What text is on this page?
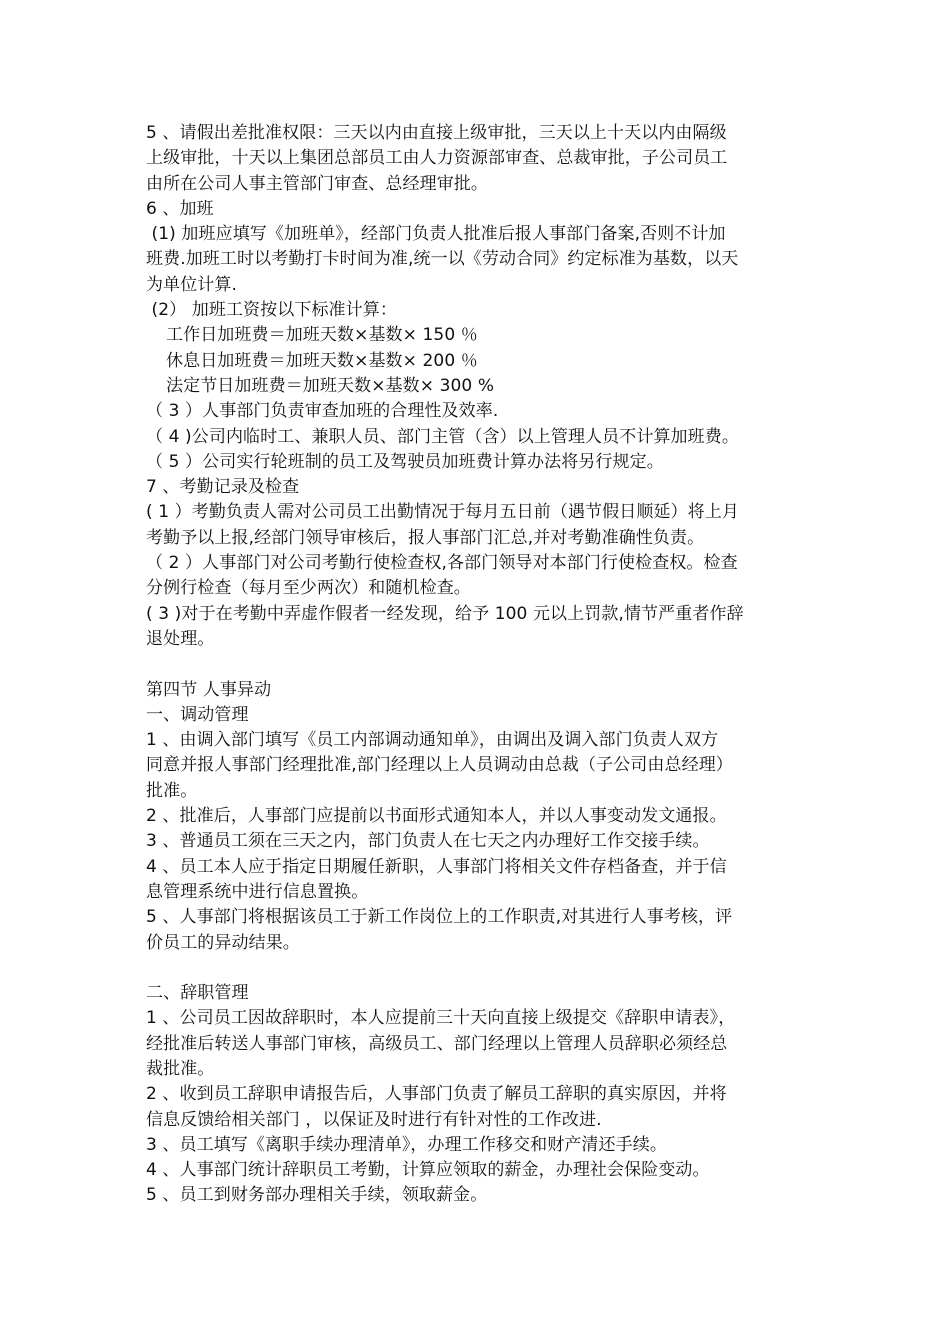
5 、请假出差批准权限：三天以内由直接上级审批，三天以上十天以内由隔级
上级审批，十天以上集团总部员工由人力资源部审查、总裁审批，子公司员工
由所在公司人事主管部门审查、总经理审批。
6 、加班
(1) 加班应填写《加班单》，经部门负责人批准后报人事部门备案,否则不计加
班费.加班工时以考勤打卡时间为准,统一以《劳动合同》约定标准为基数，以天
为单位计算.
(2） 加班工资按以下标准计算：
工作日加班费＝加班天数×基数× 150 ％
休息日加班费＝加班天数×基数× 200 ％
法定节日加班费＝加班天数×基数× 300 %
（ 3 ）人事部门负责审查加班的合理性及效率.
（ 4 )公司内临时工、兼职人员、部门主管（含）以上管理人员不计算加班费。
（ 5 ）公司实行轮班制的员工及驾驶员加班费计算办法将另行规定。
7 、考勤记录及检查
( 1 ）考勤负责人需对公司员工出勤情况于每月五日前（遇节假日顺延）将上月
考勤予以上报,经部门领导审核后，报人事部门汇总,并对考勤准确性负责。
（ 2 ）人事部门对公司考勤行使检查权,各部门领导对本部门行使检查权。检查
分例行检查（每月至少两次）和随机检查。
( 3 )对于在考勤中弄虚作假者一经发现，给予 100 元以上罚款,情节严重者作辞
退处理。
第四节 人事异动
一、调动管理
1 、由调入部门填写《员工内部调动通知单》，由调出及调入部门负责人双方
同意并报人事部门经理批准,部门经理以上人员调动由总裁（子公司由总经理）
批准。
2 、批准后，人事部门应提前以书面形式通知本人，并以人事变动发文通报。
3 、普通员工须在三天之内，部门负责人在七天之内办理好工作交接手续。
4 、员工本人应于指定日期履任新职，人事部门将相关文件存档备查，并于信
息管理系统中进行信息置换。
5 、人事部门将根据该员工于新工作岗位上的工作职责,对其进行人事考核，评
价员工的异动结果。
二、辞职管理
1 、公司员工因故辞职时，本人应提前三十天向直接上级提交《辞职申请表》，
经批准后转送人事部门审核，高级员工、部门经理以上管理人员辞职必须经总
裁批准。
2 、收到员工辞职申请报告后，人事部门负责了解员工辞职的真实原因，并将
信息反馈给相关部门 ，以保证及时进行有针对性的工作改进.
3 、员工填写《离职手续办理清单》，办理工作移交和财产清还手续。
4 、人事部门统计辞职员工考勤，计算应领取的薪金，办理社会保险变动。
5 、员工到财务部办理相关手续，领取薪金。
